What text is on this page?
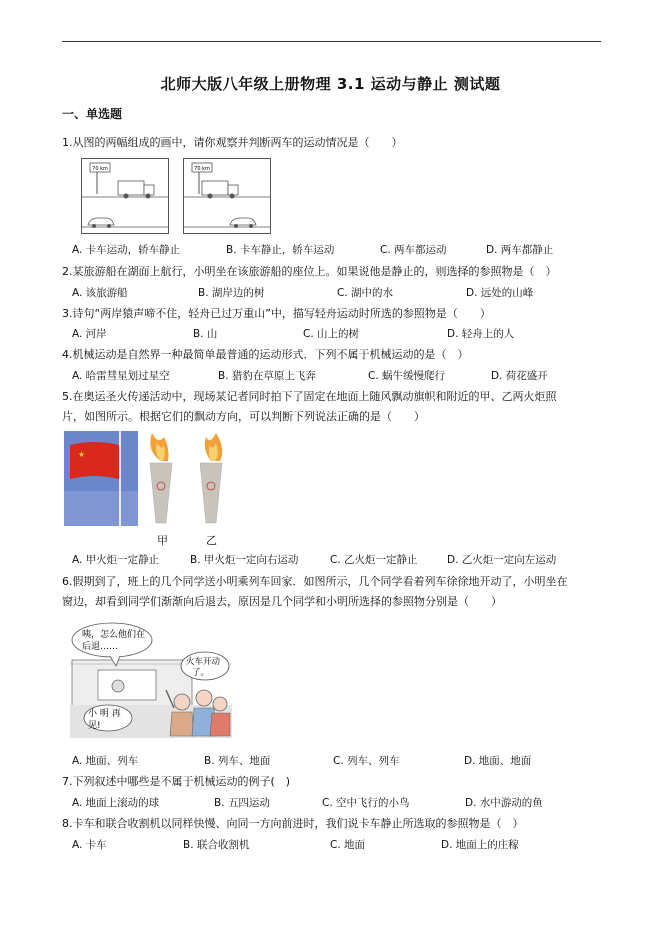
北师大版八年级上册物理 3.1 运动与静止 测试题
一、单选题
1.从图的两幅组成的画中，请你观察并判断两车的运动情况是（　　）
70 km	70 km
A. 卡车运动，轿车静止	B. 卡车静止，轿车运动	C. 两车都运动	D. 两车都静止
2.某旅游船在湖面上航行，小明坐在该旅游船的座位上。如果说他是静止的，则选择的参照物是（　）
A. 该旅游船	B. 湖岸边的树	C. 湖中的水	D. 远处的山峰
3.诗句“两岸猿声啼不住，轻舟已过万重山”中，描写轻舟运动时所选的参照物是（　　）
A. 河岸	B. 山	C. 山上的树	D. 轻舟上的人
4.机械运动是自然界一种最简单最普通的运动形式．下列不属于机械运动的是（　）
A. 哈雷彗星划过星空	B. 猎豹在草原上飞奔	C. 蜗牛缓慢爬行	D. 荷花盛开
5.在奥运圣火传递活动中，现场某记者同时拍下了固定在地面上随风飘动旗帜和附近的甲、乙两火炬照
片，如图所示。根据它们的飘动方向，可以判断下列说法正确的是（　　）
★
甲	乙
A. 甲火炬一定静止	B. 甲火炬一定向右运动	C. 乙火炬一定静止	D. 乙火炬一定向左运动
6.假期到了，班上的几个同学送小明乘列车回家．如图所示，几个同学看着列车徐徐地开动了，小明坐在
窗边，却看到同学们渐渐向后退去，原因是几个同学和小明所选择的参照物分别是（　　）
咦，怎么他们在
后退……
火车开动
了。
小 明 再
见!
A. 地面、列车	B. 列车、地面	C. 列车、列车	D. 地面、地面
7.下列叙述中哪些是不属于机械运动的例子(　)
A. 地面上滚动的球	B. 五四运动	C. 空中飞行的小鸟	D. 水中游动的鱼
8.卡车和联合收割机以同样快慢、向同一方向前进时，我们说卡车静止所选取的参照物是（　）
A. 卡车	B. 联合收割机	C. 地面	D. 地面上的庄稼
